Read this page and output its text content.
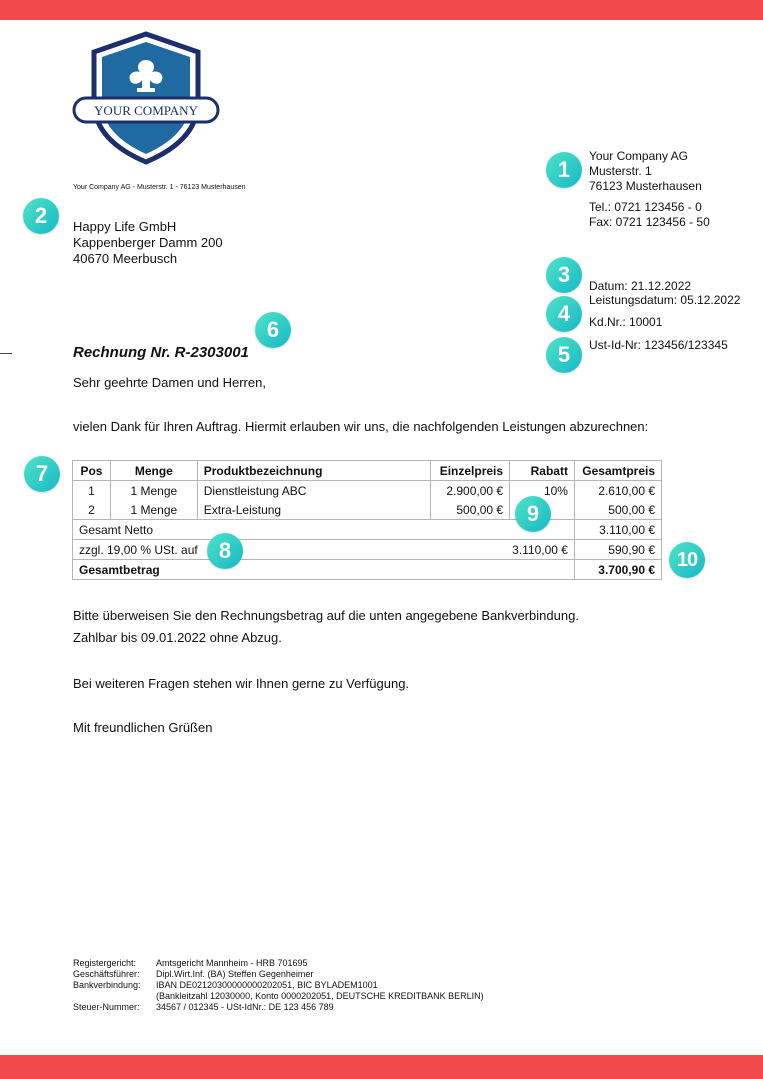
YOUR COMPANY
Your Company AG - Musterstr. 1 - 76123 Musterhausen
Your Company AG
Musterstr. 1
76123 Musterhausen
Tel.: 0721 123456 - 0
Fax: 0721 123456 - 50
Happy Life GmbH
Kappenberger Damm 200
40670 Meerbusch
Datum: 21.12.2022
Leistungsdatum: 05.12.2022
Kd.Nr.: 10001
Ust-Id-Nr: 123456/123345
Rechnung Nr. R-2303001
Sehr geehrte Damen und Herren,
vielen Dank für Ihren Auftrag. Hiermit erlauben wir uns, die nachfolgenden Leistungen abzurechnen:
Pos	Menge	Produktbezeichnung	Einzelpreis	Rabatt	Gesamtpreis
1	1 Menge	Dienstleistung ABC	2.900,00 €	10%	2.610,00 €
2	1 Menge	Extra-Leistung	500,00 €		500,00 €
Gesamt Netto					3.110,00 €
zzgl. 19,00 % USt. auf			3.110,00 €		590,90 €
Gesamtbetrag					3.700,90 €
Bitte überweisen Sie den Rechnungsbetrag auf die unten angegebene Bankverbindung.
Zahlbar bis 09.01.2022 ohne Abzug.
Bei weiteren Fragen stehen wir Ihnen gerne zu Verfügung.
Mit freundlichen Grüßen
Registergericht: Amtsgericht Mannheim - HRB 701695
Geschäftsführer: Dipl.Wirt.Inf. (BA) Steffen Gegenheimer
Bankverbindung: IBAN DE02120300000000202051, BIC BYLADEM1001
(Bankleitzahl 12030000, Konto 0000202051, DEUTSCHE KREDITBANK BERLIN)
Steuer-Nummer: 34567 / 012345 - USt-IdNr.: DE 123 456 789
1
2
3
4
5
6
7
8
9
10
